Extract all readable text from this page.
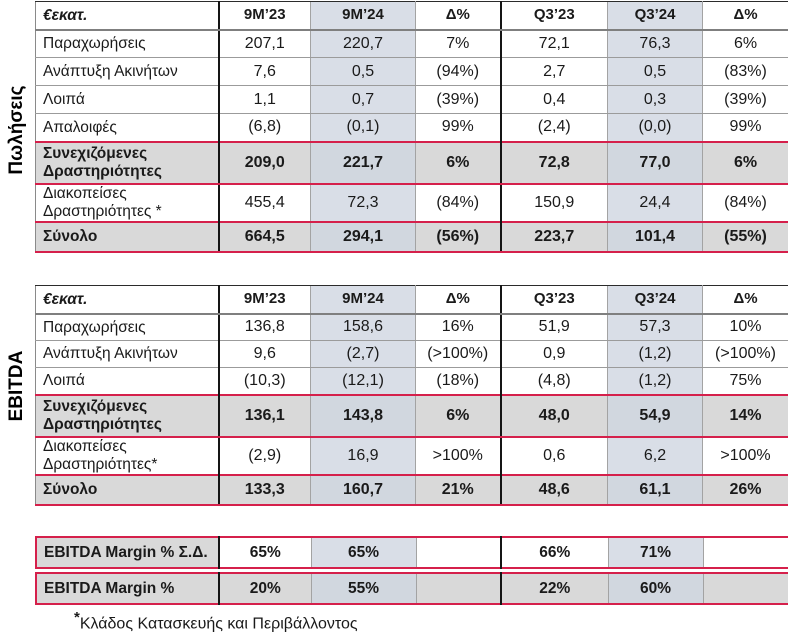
Πωλήσεις
EBITDA
€εκατ.	9M’23	9M’24	Δ%	Q3’23	Q3’24	Δ%
Παραχωρήσεις	207,1	220,7	7%	72,1	76,3	6%
Ανάπτυξη Ακινήτων	7,6	0,5	(94%)	2,7	0,5	(83%)
Λοιπά	1,1	0,7	(39%)	0,4	0,3	(39%)
Απαλοιφές	(6,8)	(0,1)	99%	(2,4)	(0,0)	99%
Συνεχιζόμενες Δραστηριότητες	209,0	221,7	6%	72,8	77,0	6%
Διακοπείσες Δραστηριότητες *	455,4	72,3	(84%)	150,9	24,4	(84%)
Σύνολο	664,5	294,1	(56%)	223,7	101,4	(55%)
€εκατ.	9M’23	9M’24	Δ%	Q3’23	Q3’24	Δ%
Παραχωρήσεις	136,8	158,6	16%	51,9	57,3	10%
Ανάπτυξη Ακινήτων	9,6	(2,7)	(>100%)	0,9	(1,2)	(>100%)
Λοιπά	(10,3)	(12,1)	(18%)	(4,8)	(1,2)	75%
Συνεχιζόμενες Δραστηριότητες	136,1	143,8	6%	48,0	54,9	14%
Διακοπείσες Δραστηριότητες*	(2,9)	16,9	>100%	0,6	6,2	>100%
Σύνολο	133,3	160,7	21%	48,6	61,1	26%
EBITDA Margin % Σ.Δ.	65%	65%		66%	71%	
EBITDA Margin %	20%	55%		22%	60%	
*Κλάδος Κατασκευής και Περιβάλλοντος
